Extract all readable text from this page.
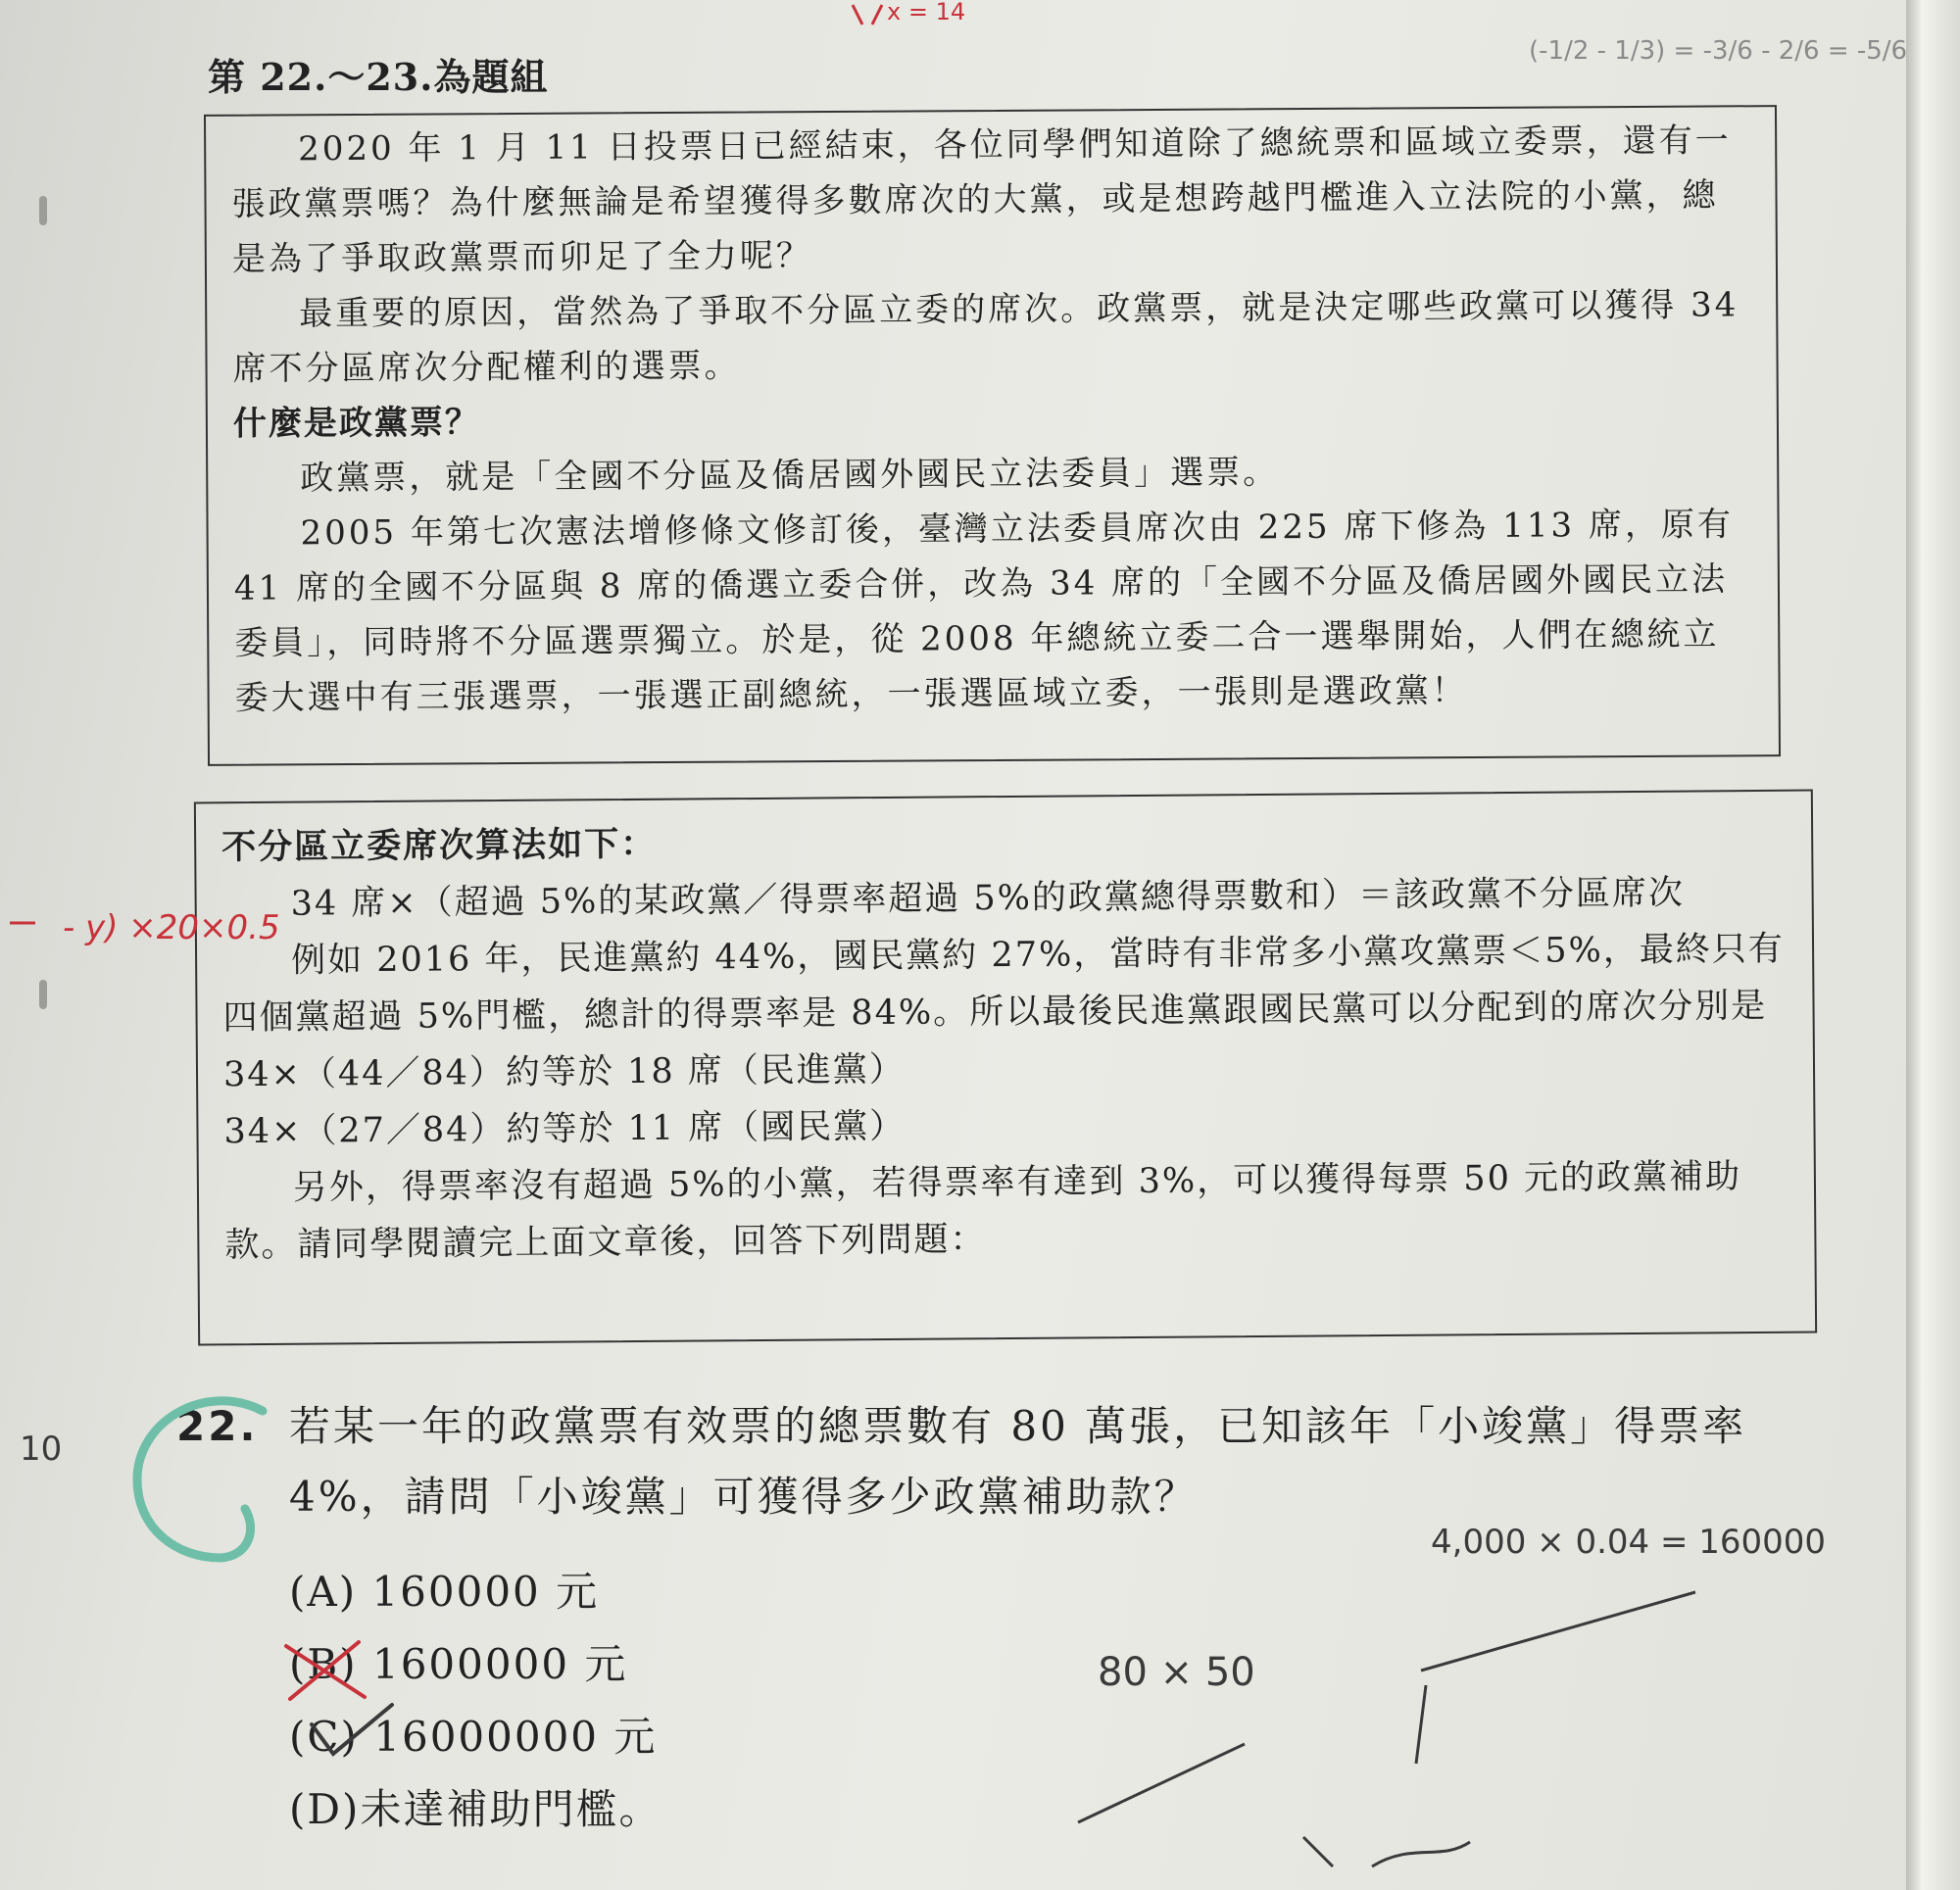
第 22.～23.為題組

2020 年 1 月 11 日投票日已經結束，各位同學們知道除了總統票和區域立委票，還有一張政黨票嗎？為什麼無論是希望獲得多數席次的大黨，或是想跨越門檻進入立法院的小黨，總是為了爭取政黨票而卯足了全力呢？

最重要的原因，當然為了爭取不分區立委的席次。政黨票，就是決定哪些政黨可以獲得 34 席不分區席次分配權利的選票。

什麼是政黨票？

政黨票，就是「全國不分區及僑居國外國民立法委員」選票。

2005 年第七次憲法增修條文修訂後，臺灣立法委員席次由 225 席下修為 113 席，原有 41 席的全國不分區與 8 席的僑選立委合併，改為 34 席的「全國不分區及僑居國外國民立法委員」，同時將不分區選票獨立。於是，從 2008 年總統立委二合一選舉開始，人們在總統立委大選中有三張選票，一張選正副總統，一張選區域立委，一張則是選政黨！

不分區立委席次算法如下：

34 席×（超過 5%的某政黨／得票率超過 5%的政黨總得票數和）＝該政黨不分區席次

例如 2016 年，民進黨約 44%，國民黨約 27%，當時有非常多小黨攻黨票＜5%，最終只有四個黨超過 5%門檻，總計的得票率是 84%。所以最後民進黨跟國民黨可以分配到的席次分別是

34×（44／84）約等於 18 席（民進黨）

34×（27／84）約等於 11 席（國民黨）

另外，得票率沒有超過 5%的小黨，若得票率有達到 3%，可以獲得每票 50 元的政黨補助款。請同學閱讀完上面文章後，回答下列問題：

22. 若某一年的政黨票有效票的總票數有 80 萬張，已知該年「小竣黨」得票率 4%，請問「小竣黨」可獲得多少政黨補助款？
(A) 160000 元
(B) 1600000 元
(C) 16000000 元
(D)未達補助門檻。
- y) ×20×0.5
(-1/2 - 1/3) = -3/6 - 2/6 = -5/6
x = 14
4,000 × 0.04 = 160000
80 × 50
10
